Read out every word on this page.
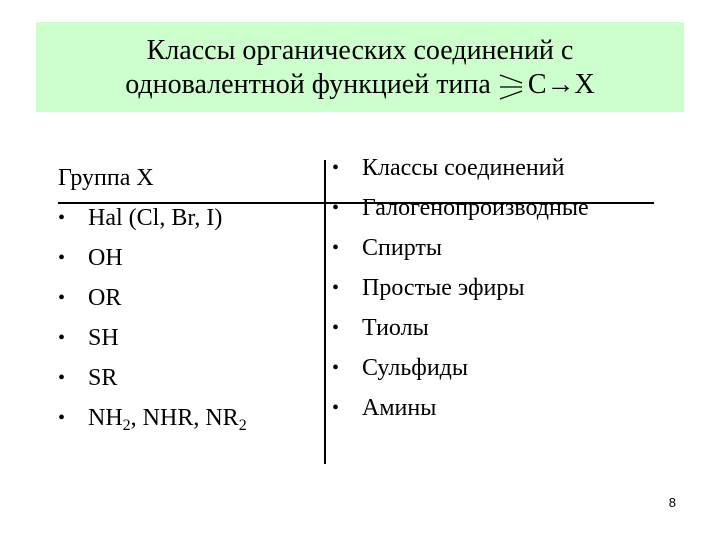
Классы органических соединений с
одновалентной функцией типа C→X
Группа X
• Hal (Cl, Br, I)
• OH
• OR
• SH
• SR
• $NH_2$, NHR, $NR_2$
• Классы соединений
• Галогенопроизводные
• Спирты
• Простые эфиры
• Тиолы
• Сульфиды
• Амины
8
